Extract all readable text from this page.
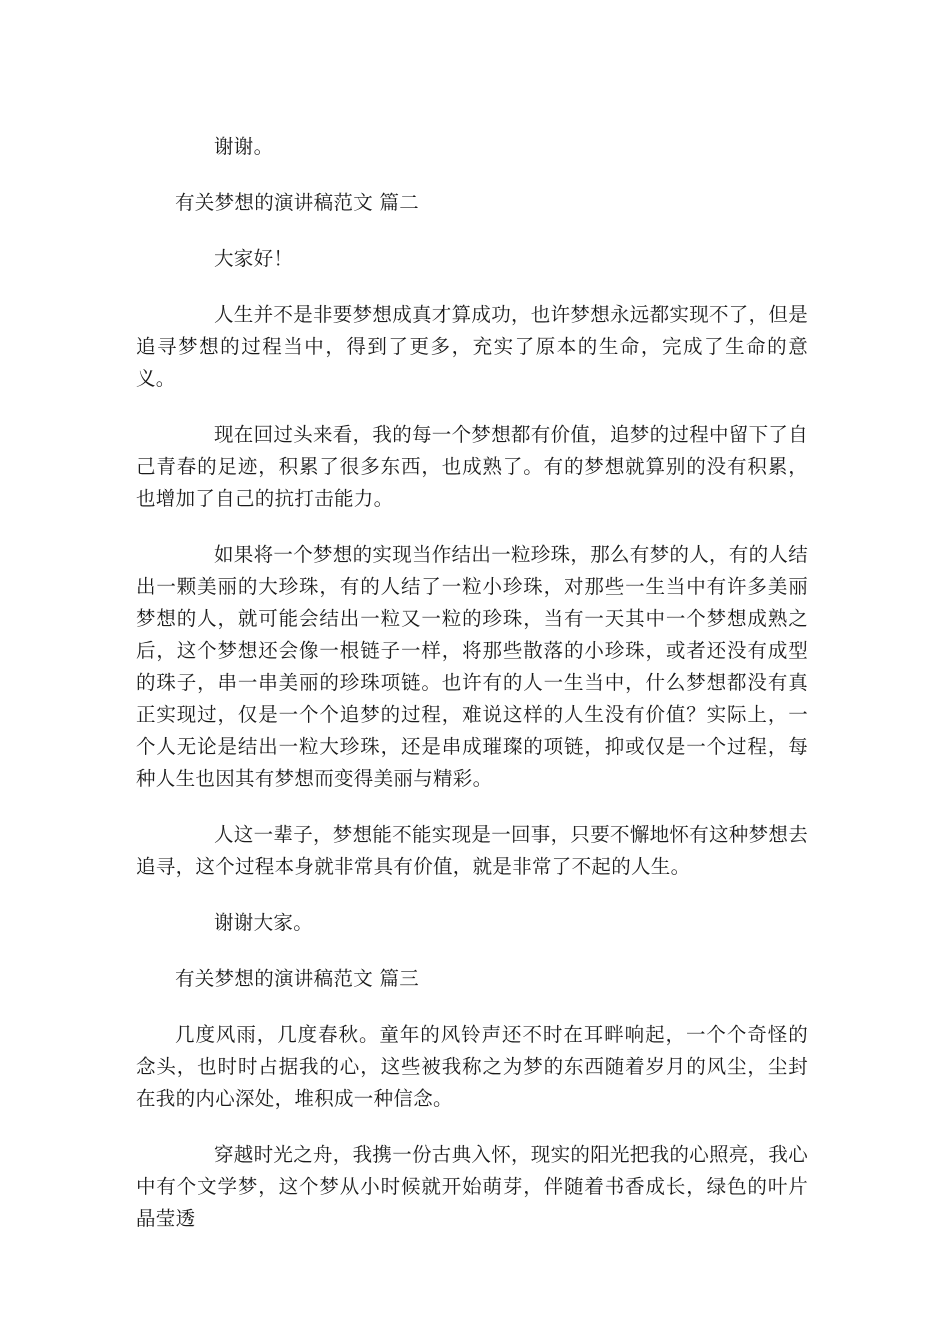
谢谢。

有关梦想的演讲稿范文 篇二

大家好！

人生并不是非要梦想成真才算成功，也许梦想永远都实现不了，但是追寻梦想的过程当中，得到了更多，充实了原本的生命，完成了生命的意义。

现在回过头来看，我的每一个梦想都有价值，追梦的过程中留下了自己青春的足迹，积累了很多东西，也成熟了。有的梦想就算别的没有积累，也增加了自己的抗打击能力。

如果将一个梦想的实现当作结出一粒珍珠，那么有梦的人，有的人结出一颗美丽的大珍珠，有的人结了一粒小珍珠，对那些一生当中有许多美丽梦想的人，就可能会结出一粒又一粒的珍珠，当有一天其中一个梦想成熟之后，这个梦想还会像一根链子一样，将那些散落的小珍珠，或者还没有成型的珠子，串一串美丽的珍珠项链。也许有的人一生当中，什么梦想都没有真正实现过，仅是一个个追梦的过程，难说这样的人生没有价值？实际上，一个人无论是结出一粒大珍珠，还是串成璀璨的项链，抑或仅是一个过程，每种人生也因其有梦想而变得美丽与精彩。

人这一辈子，梦想能不能实现是一回事，只要不懈地怀有这种梦想去追寻，这个过程本身就非常具有价值，就是非常了不起的人生。

谢谢大家。

有关梦想的演讲稿范文 篇三

几度风雨，几度春秋。童年的风铃声还不时在耳畔响起，一个个奇怪的念头，也时时占据我的心，这些被我称之为梦的东西随着岁月的风尘，尘封在我的内心深处，堆积成一种信念。

穿越时光之舟，我携一份古典入怀，现实的阳光把我的心照亮，我心中有个文学梦，这个梦从小时候就开始萌芽，伴随着书香成长，绿色的叶片晶莹透
